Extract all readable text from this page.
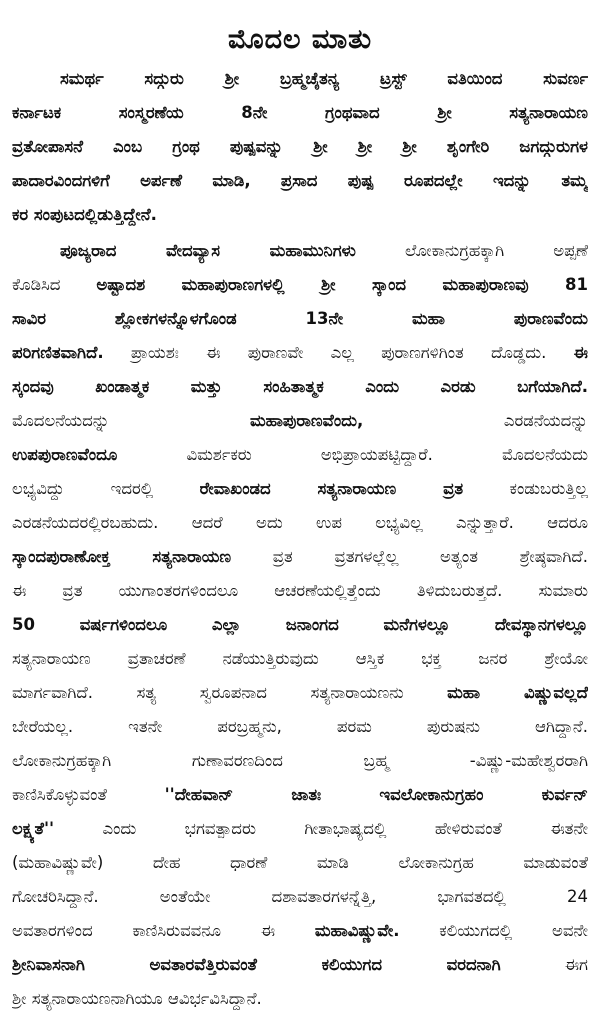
ಮೊದಲ ಮಾತು
ಸಮರ್ಥ ಸದ್ಗುರು ಶ್ರೀ ಬ್ರಹ್ಮಚೈತನ್ಯ ಟ್ರಸ್ಟ್ ವತಿಯಿಂದ ಸುವರ್ಣ
ಕರ್ನಾಟಕ ಸಂಸ್ಮರಣೆಯ 8ನೇ ಗ್ರಂಥವಾದ ಶ್ರೀ ಸತ್ಯನಾರಾಯಣ
ವ್ರತೋಪಾಸನೆ ಎಂಬ ಗ್ರಂಥ ಪುಷ್ಪವನ್ನು ಶ್ರೀ ಶ್ರೀ ಶ್ರೀ ಶೃಂಗೇರಿ ಜಗದ್ಗುರುಗಳ
ಪಾದಾರವಿಂದಗಳಿಗೆ ಅರ್ಪಣೆ ಮಾಡಿ, ಪ್ರಸಾದ ಪುಷ್ಪ ರೂಪದಲ್ಲೇ ಇದನ್ನು ತಮ್ಮ
ಕರ ಸಂಪುಟದಲ್ಲಿಡುತ್ತಿದ್ದೇನೆ.
ಪೂಜ್ಯರಾದ ವೇದವ್ಯಾಸ ಮಹಾಮುನಿಗಳು ಲೋಕಾನುಗ್ರಹಕ್ಕಾಗಿ ಅಪ್ಪಣೆ
ಕೊಡಿಸಿದ ಅಷ್ಟಾದಶ ಮಹಾಪುರಾಣಗಳಲ್ಲಿ ಶ್ರೀ ಸ್ಕಾಂದ ಮಹಾಪುರಾಣವು 81
ಸಾವಿರ ಶ್ಲೋಕಗಳನ್ನೊಳಗೊಂಡ 13ನೇ ಮಹಾ ಪುರಾಣವೆಂದು
ಪರಿಗಣಿತವಾಗಿದೆ. ಪ್ರಾಯಶಃ ಈ ಪುರಾಣವೇ ಎಲ್ಲ ಪುರಾಣಗಳಿಗಿಂತ ದೊಡ್ಡದು. ಈ
ಸ್ಕಂದವು ಖಂಡಾತ್ಮಕ ಮತ್ತು ಸಂಹಿತಾತ್ಮಕ ಎಂದು ಎರಡು ಬಗೆಯಾಗಿದೆ.
ಮೊದಲನೆಯದನ್ನು ಮಹಾಪುರಾಣವೆಂದು, ಎರಡನೆಯದನ್ನು
ಉಪಪುರಾಣವೆಂದೂ ವಿಮರ್ಶಕರು ಅಭಿಪ್ರಾಯಪಟ್ಟಿದ್ದಾರೆ. ಮೊದಲನೆಯದು
ಲಭ್ಯವಿದ್ದು ಇದರಲ್ಲಿ ರೇವಾಖಂಡದ ಸತ್ಯನಾರಾಯಣ ವ್ರತ ಕಂಡುಬರುತ್ತಿಲ್ಲ
ಎರಡನೆಯದರಲ್ಲಿರಬಹುದು. ಆದರೆ ಅದು ಉಪ ಲಭ್ಯವಿಲ್ಲ ಎನ್ನುತ್ತಾರೆ. ಆದರೂ
ಸ್ಕಾಂದಪುರಾಣೋಕ್ತ ಸತ್ಯನಾರಾಯಣ ವ್ರತ ವ್ರತಗಳಲ್ಲೆಲ್ಲ ಅತ್ಯಂತ ಶ್ರೇಷ್ಠವಾಗಿದೆ.
ಈ ವ್ರತ ಯುಗಾಂತರಗಳಿಂದಲೂ ಆಚರಣೆಯಲ್ಲಿತ್ತೆಂದು ತಿಳಿದುಬರುತ್ತದೆ. ಸುಮಾರು
50 ವರ್ಷಗಳಿಂದಲೂ ಎಲ್ಲಾ ಜನಾಂಗದ ಮನೆಗಳಲ್ಲೂ ದೇವಸ್ಥಾನಗಳಲ್ಲೂ
ಸತ್ಯನಾರಾಯಣ ವ್ರತಾಚರಣೆ ನಡೆಯುತ್ತಿರುವುದು ಆಸ್ತಿಕ ಭಕ್ತ ಜನರ ಶ್ರೇಯೋ
ಮಾರ್ಗವಾಗಿದೆ. ಸತ್ಯ ಸ್ವರೂಪನಾದ ಸತ್ಯನಾರಾಯಣನು ಮಹಾ ವಿಷ್ಣುವಲ್ಲದೆ
ಬೇರೆಯಲ್ಲ. ಇತನೇ ಪರಬ್ರಹ್ಮನು, ಪರಮ ಪುರುಷನು ಆಗಿದ್ದಾನೆ.
ಲೋಕಾನುಗ್ರಹಕ್ಕಾಗಿ ಗುಣಾವರಣದಿಂದ ಬ್ರಹ್ಮ -ವಿಷ್ಣು-ಮಹೇಶ್ವರರಾಗಿ
ಕಾಣಿಸಿಕೊಳ್ಳುವಂತೆ ''ದೇಹವಾನ್ ಜಾತಃ ಇವಲೋಕಾನುಗ್ರಹಂ ಕುರ್ವನ್
ಲಕ್ಷ್ಯತೆ'' ಎಂದು ಭಗವತ್ಪಾದರು ಗೀತಾಭಾಷ್ಯದಲ್ಲಿ ಹೇಳಿರುವಂತೆ ಈತನೇ
(ಮಹಾವಿಷ್ಣುವೇ) ದೇಹ ಧಾರಣೆ ಮಾಡಿ ಲೋಕಾನುಗ್ರಹ ಮಾಡುವಂತೆ
ಗೋಚರಿಸಿದ್ದಾನೆ. ಅಂತೆಯೇ ದಶಾವತಾರಗಳನ್ನೆತ್ತಿ, ಭಾಗವತದಲ್ಲಿ 24
ಅವತಾರಗಳಿಂದ ಕಾಣಿಸಿರುವವನೂ ಈ ಮಹಾವಿಷ್ಣುವೇ. ಕಲಿಯುಗದಲ್ಲಿ ಅವನೇ
ಶ್ರೀನಿವಾಸನಾಗಿ ಅವತಾರವೆತ್ತಿರುವಂತೆ ಕಲಿಯುಗದ ವರದನಾಗಿ ಈಗ
ಶ್ರೀ ಸತ್ಯನಾರಾಯಣನಾಗಿಯೂ ಆವಿರ್ಭವಿಸಿದ್ದಾನೆ.
